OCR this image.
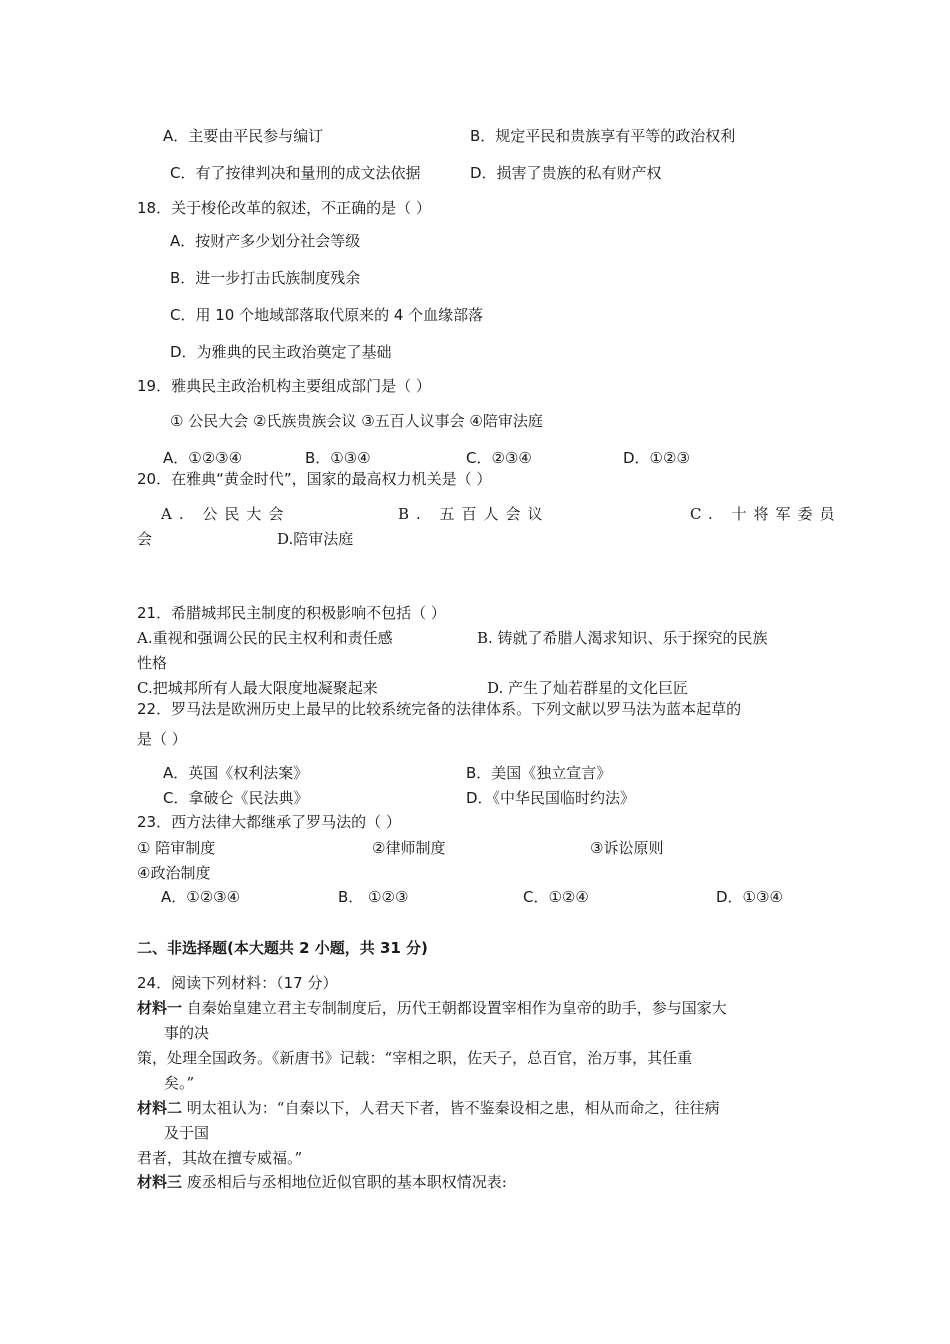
A．主要由平民参与编订	B．规定平民和贵族享有平等的政治权利
C．有了按律判决和量刑的成文法依据	D．损害了贵族的私有财产权
18．关于梭伦改革的叙述，不正确的是（ ）
A．按财产多少划分社会等级
B．进一步打击氏族制度残余
C．用 10 个地域部落取代原来的 4 个血缘部落
D．为雅典的民主政治奠定了基础
19．雅典民主政治机构主要组成部门是（ ）
① 公民大会 ②氏族贵族会议 ③五百人议事会 ④陪审法庭
A．①②③④	B．①③④	C．②③④	D．①②③
20．在雅典“黄金时代”，国家的最高权力机关是（ ）
A. 公民大会	B. 五百人会议	C. 十将军委员
会	D.陪审法庭
21．希腊城邦民主制度的积极影响不包括（ ）
A.重视和强调公民的民主权利和责任感	B. 铸就了希腊人渴求知识、乐于探究的民族
性格
C.把城邦所有人最大限度地凝聚起来	D. 产生了灿若群星的文化巨匠
22．罗马法是欧洲历史上最早的比较系统完备的法律体系。下列文献以罗马法为蓝本起草的
是（ ）
A．英国《权利法案》	B．美国《独立宣言》
C．拿破仑《民法典》	D．《中华民国临时约法》
23．西方法律大都继承了罗马法的（ ）
① 陪审制度	②律师制度	③诉讼原则
④政治制度
A．①②③④	B． ①②③	C．①②④	D．①③④
二、非选择题(本大题共 2 小题，共 31 分)
24．阅读下列材料：（17 分）
材料一 自秦始皇建立君主专制制度后，历代王朝都设置宰相作为皇帝的助手，参与国家大
事的决
策，处理全国政务。《新唐书》记载：“宰相之职，佐天子，总百官，治万事，其任重
矣。”
材料二 明太祖认为：“自秦以下，人君天下者，皆不鉴秦设相之患，相从而命之，往往病
及于国
君者，其故在擅专威福。”
材料三 废丞相后与丞相地位近似官职的基本职权情况表:
